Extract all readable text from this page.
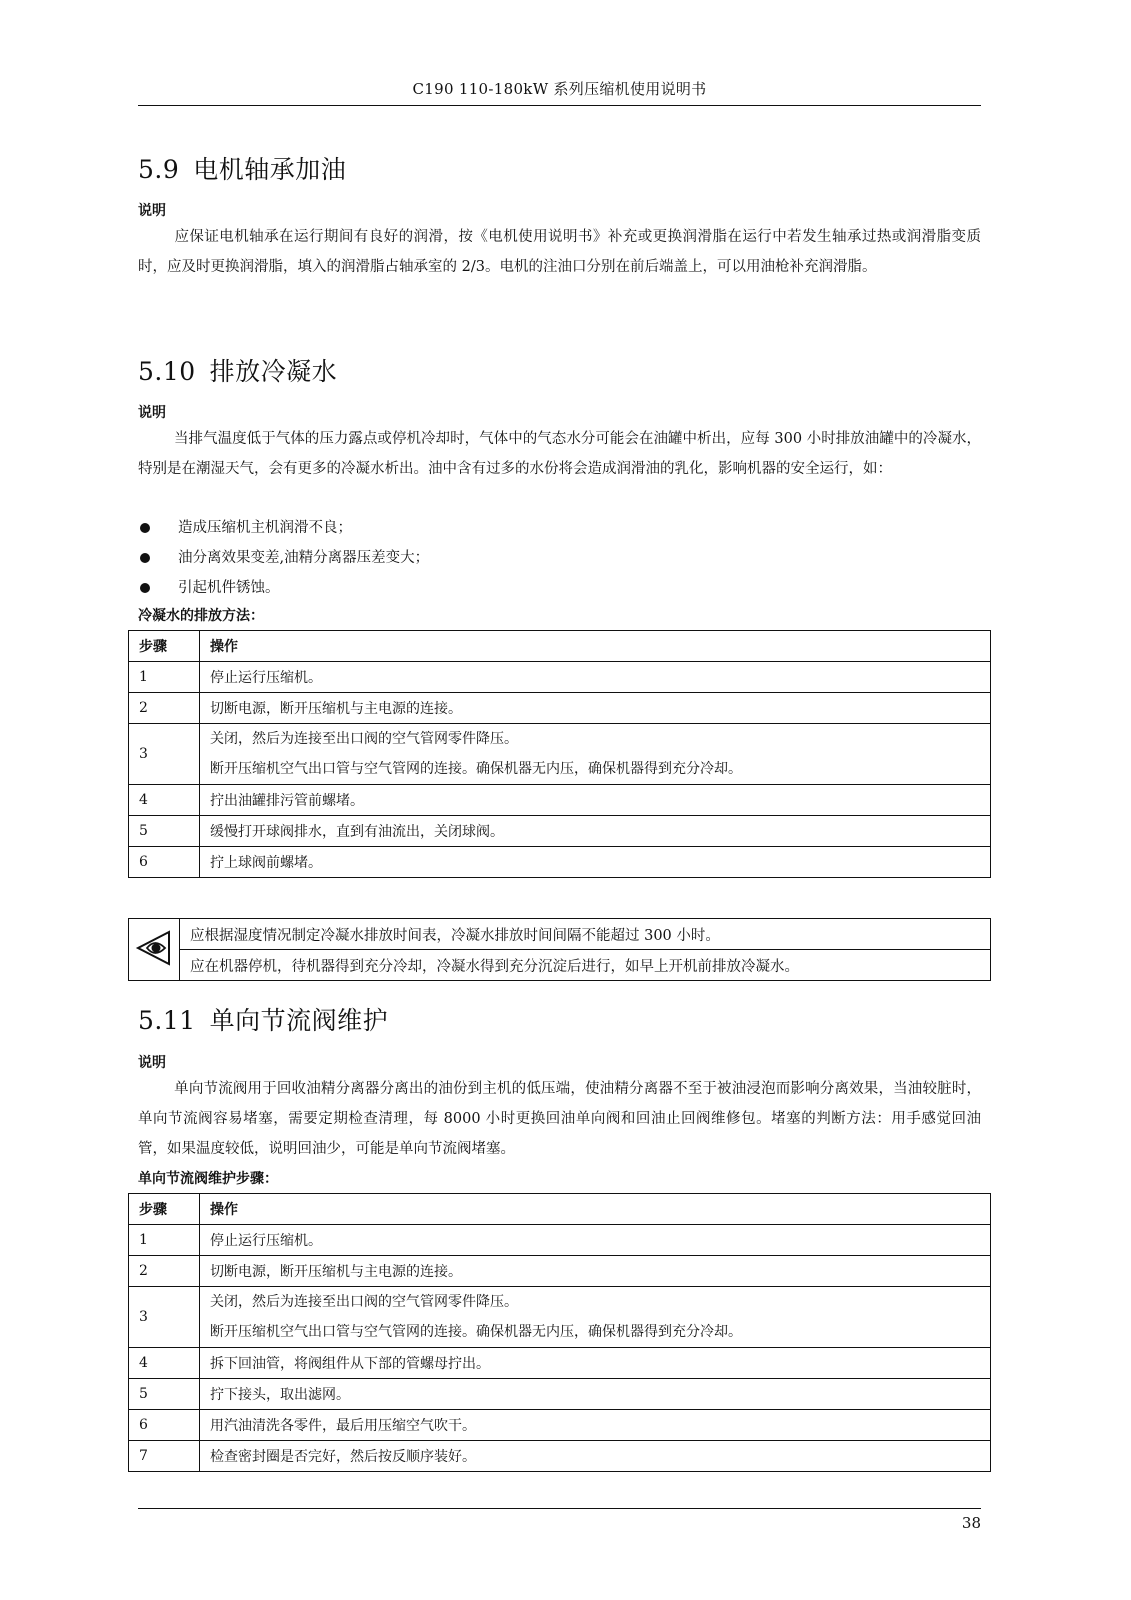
C190 110-180kW 系列压缩机使用说明书
5.9 电机轴承加油
说明
应保证电机轴承在运行期间有良好的润滑，按《电机使用说明书》补充或更换润滑脂在运行中若发生轴承过热或润滑脂变质时，应及时更换润滑脂，填入的润滑脂占轴承室的 2/3。电机的注油口分别在前后端盖上，可以用油枪补充润滑脂。
5.10 排放冷凝水
说明
当排气温度低于气体的压力露点或停机冷却时，气体中的气态水分可能会在油罐中析出，应每 300 小时排放油罐中的冷凝水，特别是在潮湿天气，会有更多的冷凝水析出。油中含有过多的水份将会造成润滑油的乳化，影响机器的安全运行，如：
造成压缩机主机润滑不良；
油分离效果变差,油精分离器压差变大；
引起机件锈蚀。
冷凝水的排放方法：
步骤	操作
1	停止运行压缩机。
2	切断电源，断开压缩机与主电源的连接。
3	关闭，然后为连接至出口阀的空气管网零件降压。
断开压缩机空气出口管与空气管网的连接。确保机器无内压，确保机器得到充分冷却。

4	拧出油罐排污管前螺堵。
5	缓慢打开球阀排水，直到有油流出，关闭球阀。
6	拧上球阀前螺堵。
	应根据湿度情况制定冷凝水排放时间表，冷凝水排放时间间隔不能超过 300 小时。
应在机器停机，待机器得到充分冷却，冷凝水得到充分沉淀后进行，如早上开机前排放冷凝水。
5.11 单向节流阀维护
说明
单向节流阀用于回收油精分离器分离出的油份到主机的低压端，使油精分离器不至于被油浸泡而影响分离效果，当油较脏时，单向节流阀容易堵塞，需要定期检查清理，每 8000 小时更换回油单向阀和回油止回阀维修包。堵塞的判断方法：用手感觉回油管，如果温度较低，说明回油少，可能是单向节流阀堵塞。
单向节流阀维护步骤：
步骤	操作
1	停止运行压缩机。
2	切断电源，断开压缩机与主电源的连接。
3	关闭，然后为连接至出口阀的空气管网零件降压。
断开压缩机空气出口管与空气管网的连接。确保机器无内压，确保机器得到充分冷却。

4	拆下回油管，将阀组件从下部的管螺母拧出。
5	拧下接头，取出滤网。
6	用汽油清洗各零件，最后用压缩空气吹干。
7	检查密封圈是否完好，然后按反顺序装好。
38
